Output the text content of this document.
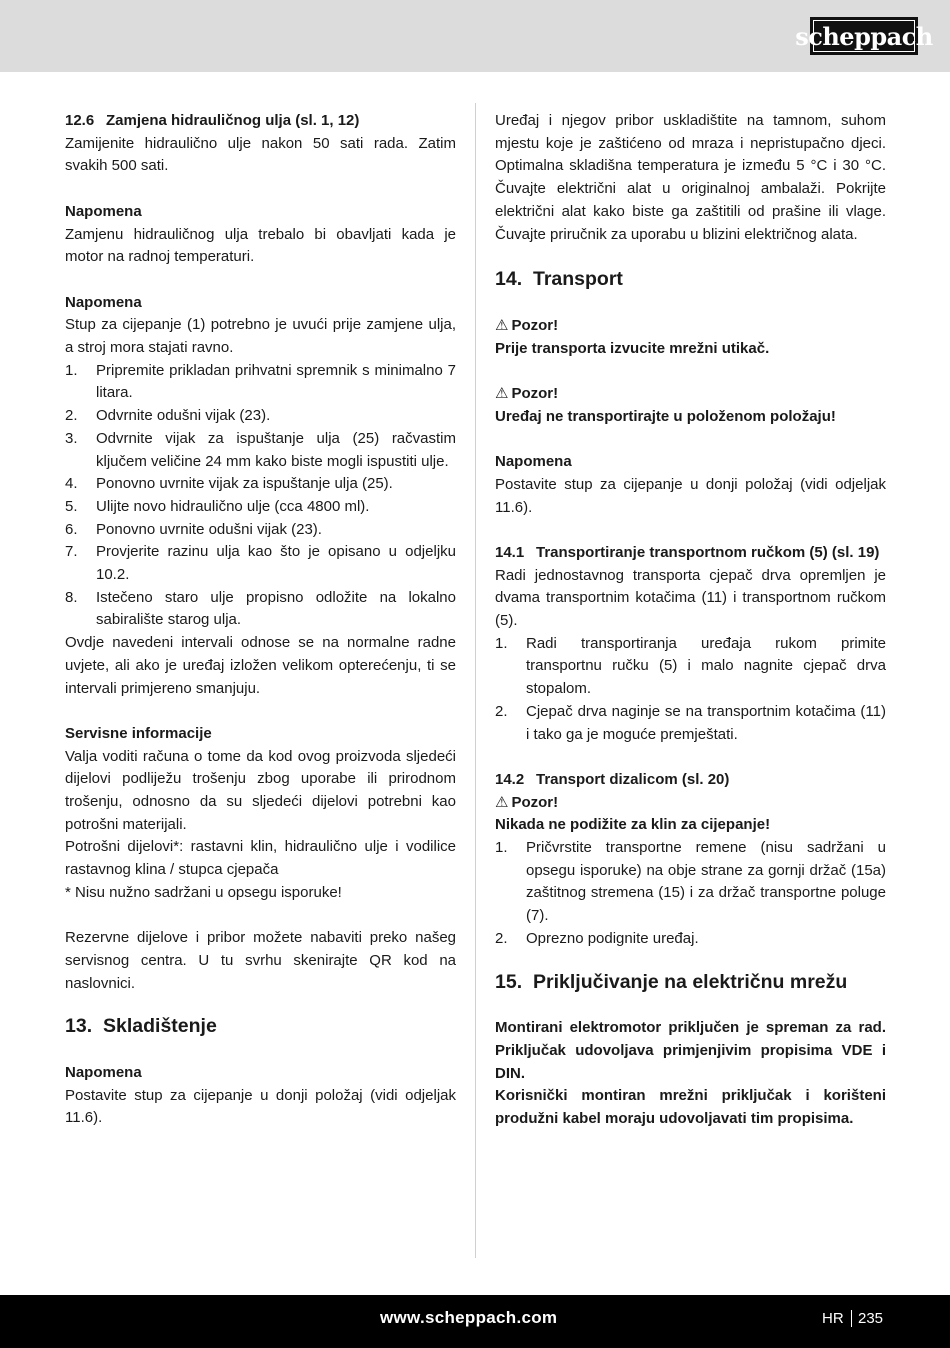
scheppach
12.6 Zamjena hidrauličnog ulja (sl. 1, 12)

Zamijenite hidraulično ulje nakon 50 sati rada. Zatim svakih 500 sati.

Napomena

Zamjenu hidrauličnog ulja trebalo bi obavljati kada je motor na radnoj temperaturi.

Napomena

Stup za cijepanje (1) potrebno je uvući prije zamjene ulja, a stroj mora stajati ravno.

1.	Pripremite prikladan prihvatni spremnik s minimalno 7 litara.
2.	Odvrnite odušni vijak (23).
3.	Odvrnite vijak za ispuštanje ulja (25) račvastim ključem veličine 24 mm kako biste mogli ispustiti ulje.
4.	Ponovno uvrnite vijak za ispuštanje ulja (25).
5.	Ulijte novo hidraulično ulje (cca 4800 ml).
6.	Ponovno uvrnite odušni vijak (23).
7.	Provjerite razinu ulja kao što je opisano u odjeljku 10.2.
8.	Istečeno staro ulje propisno odložite na lokalno sabiralište starog ulja.

Ovdje navedeni intervali odnose se na normalne radne uvjete, ali ako je uređaj izložen velikom opterećenju, ti se intervali primjereno smanjuju.

Servisne informacije

Valja voditi računa o tome da kod ovog proizvoda sljedeći dijelovi podliježu trošenju zbog uporabe ili prirodnom trošenju, odnosno da su sljedeći dijelovi potrebni kao potrošni materijali.

Potrošni dijelovi*: rastavni klin, hidraulično ulje i vodilice rastavnog klina / stupca cjepača

* Nisu nužno sadržani u opsegu isporuke!

Rezervne dijelove i pribor možete nabaviti preko našeg servisnog centra. U tu svrhu skenirajte QR kod na naslovnici.

13. Skladištenje

Napomena

Postavite stup za cijepanje u donji položaj (vidi odjeljak 11.6).

Uređaj i njegov pribor uskladištite na tamnom, suhom mjestu koje je zaštićeno od mraza i nepristupačno djeci. Optimalna skladišna temperatura je između 5 °C i 30 °C. Čuvajte električni alat u originalnoj ambalaži. Pokrijte električni alat kako biste ga zaštitili od prašine ili vlage. Čuvajte priručnik za uporabu u blizini električnog alata.

14. Transport

⚠ Pozor!

Prije transporta izvucite mrežni utikač.

⚠ Pozor!

Uređaj ne transportirajte u položenom položaju!

Napomena

Postavite stup za cijepanje u donji položaj (vidi odjeljak 11.6).

14.1 Transportiranje transportnom ručkom (5) (sl. 19)

Radi jednostavnog transporta cjepač drva opremljen je dvama transportnim kotačima (11) i transportnom ručkom (5).

1.	Radi transportiranja uređaja rukom primite transportnu ručku (5) i malo nagnite cjepač drva stopalom.
2.	Cjepač drva naginje se na transportnim kotačima (11) i tako ga je moguće premještati.
14.2 Transport dizalicom (sl. 20)

⚠ Pozor!

Nikada ne podižite za klin za cijepanje!

1.	Pričvrstite transportne remene (nisu sadržani u opsegu isporuke) na obje strane za gornji držač (15a) zaštitnog stremena (15) i za držač transportne poluge (7).
2.	Oprezno podignite uređaj.

15. Priključivanje na električnu mrežu

Montirani elektromotor priključen je spreman za rad. Priključak udovoljava primjenjivim propisima VDE i DIN.

Korisnički montiran mrežni priključak i korišteni produžni kabel moraju udovoljavati tim propisima.

www.scheppach.com	HR 235
